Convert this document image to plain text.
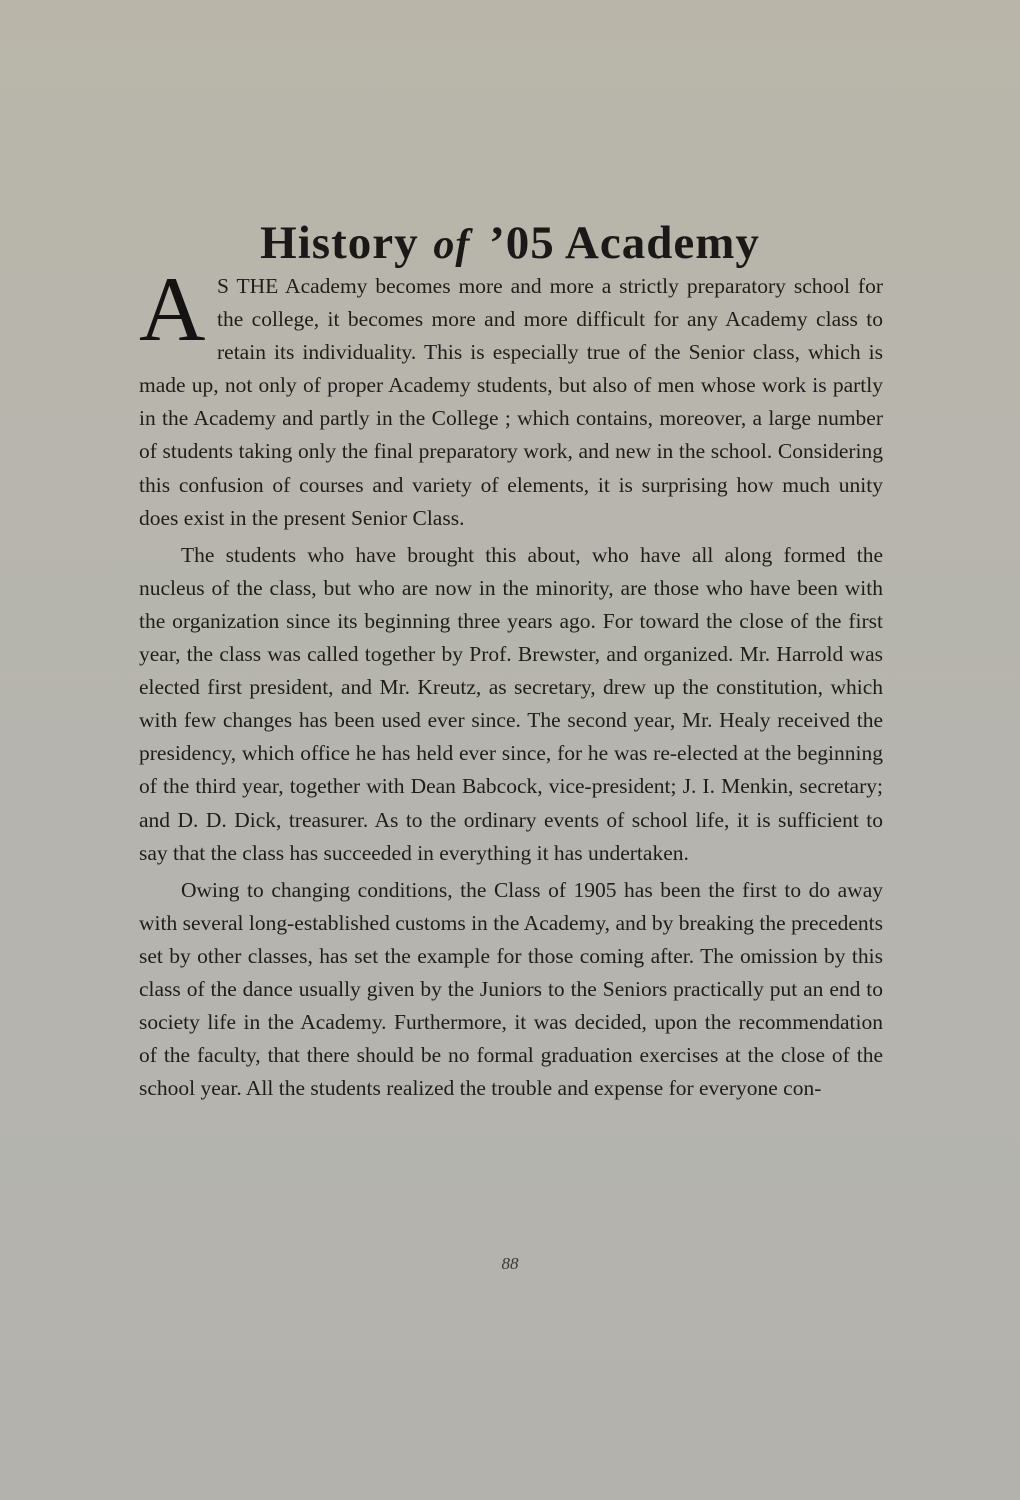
History of ’05 Academy

A S THE Academy becomes more and more a strictly preparatory school for the college, it becomes more and more difficult for any Academy class to retain its individuality. This is especially true of the Senior class, which is made up, not only of proper Academy students, but also of men whose work is partly in the Academy and partly in the College ; which contains, moreover, a large number of students taking only the final preparatory work, and new in the school. Considering this confusion of courses and variety of elements, it is surprising how much unity does exist in the present Senior Class.

The students who have brought this about, who have all along formed the nucleus of the class, but who are now in the minority, are those who have been with the organization since its beginning three years ago. For toward the close of the first year, the class was called together by Prof. Brewster, and organized. Mr. Harrold was elected first president, and Mr. Kreutz, as secretary, drew up the constitution, which with few changes has been used ever since. The second year, Mr. Healy received the presidency, which office he has held ever since, for he was re-elected at the beginning of the third year, together with Dean Babcock, vice-president; J. I. Menkin, secretary; and D. D. Dick, treasurer. As to the ordinary events of school life, it is sufficient to say that the class has succeeded in everything it has undertaken.

Owing to changing conditions, the Class of 1905 has been the first to do away with several long-established customs in the Academy, and by breaking the precedents set by other classes, has set the example for those coming after. The omission by this class of the dance usually given by the Juniors to the Seniors practically put an end to society life in the Academy. Furthermore, it was decided, upon the recommendation of the faculty, that there should be no formal graduation exercises at the close of the school year. All the students realized the trouble and expense for everyone con-

88
